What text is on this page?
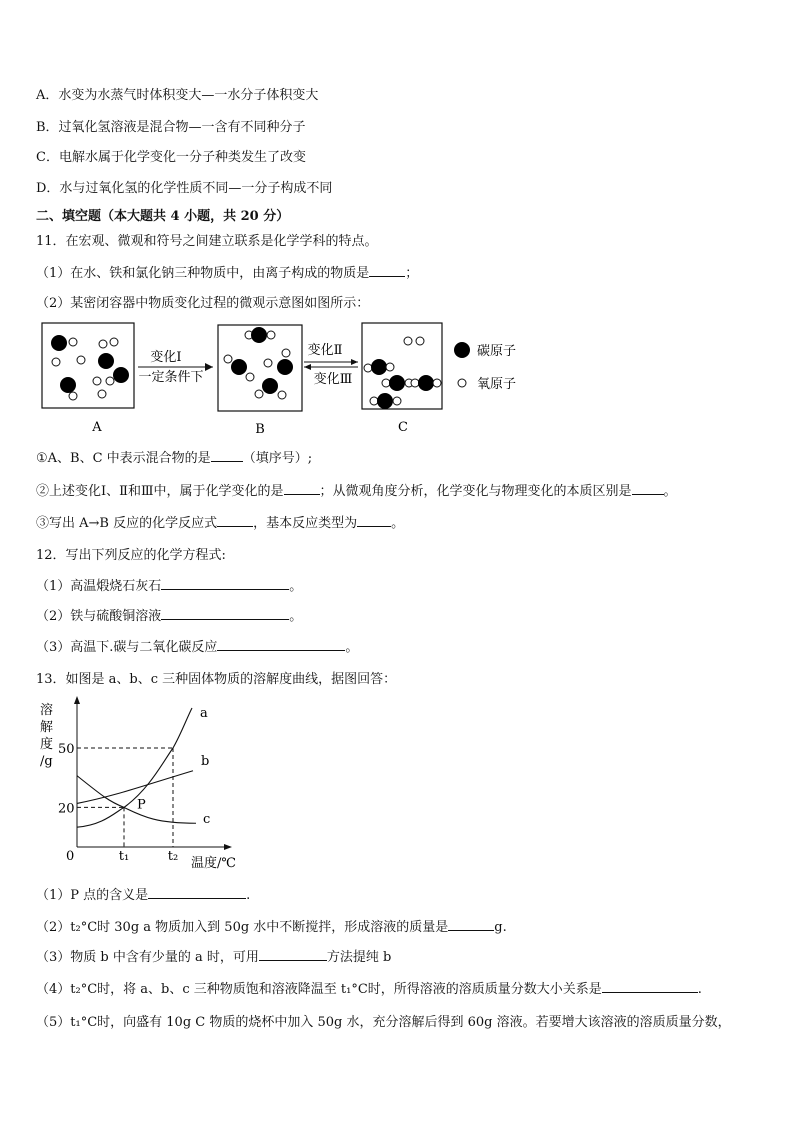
A．水变为水蒸气时体积变大—一水分子体积变大
B．过氧化氢溶液是混合物—一含有不同种分子
C．电解水属于化学变化一分子种类发生了改变
D．水与过氧化氢的化学性质不同—一分子构成不同
二、填空题（本大题共 4 小题，共 20 分）
11．在宏观、微观和符号之间建立联系是化学学科的特点。
（1）在水、铁和氯化钠三种物质中，由离子构成的物质是	；
（2）某密闭容器中物质变化过程的微观示意图如图所示：
A
变化Ⅰ
一定条件下
B
变化Ⅱ
变化Ⅲ
C
碳原子
氧原子
①A、B、C 中表示混合物的是 （填序号）;
②上述变化Ⅰ、Ⅱ和Ⅲ中，属于化学变化的是	；从微观角度分析，化学变化与物理变化的本质区别是 。
③写出 A→B 反应的化学反应式	，基本反应类型为	。
12．写出下列反应的化学方程式:
（1）高温煅烧石灰石	。
（2）铁与硫酸铜溶液	。
（3）高温下.碳与二氧化碳反应	。
13．如图是 a、b、c 三种固体物质的溶解度曲线，据图回答：
溶
解
度
/g
0	温度/℃
50
20
t₁	t₂
a
b
c
P
（1）P 点的含义是	.
（2）t₂°C时 30g a 物质加入到 50g 水中不断搅拌，形成溶液的质量是	g.
（3）物质 b 中含有少量的 a 时，可用	方法提纯 b
（4）t₂°C时，将 a、b、c 三种物质饱和溶液降温至 t₁°C时，所得溶液的溶质质量分数大小关系是	.
（5）t₁°C时，向盛有 10g C 物质的烧杯中加入 50g 水，充分溶解后得到 60g 溶液。若要增大该溶液的溶质质量分数，
